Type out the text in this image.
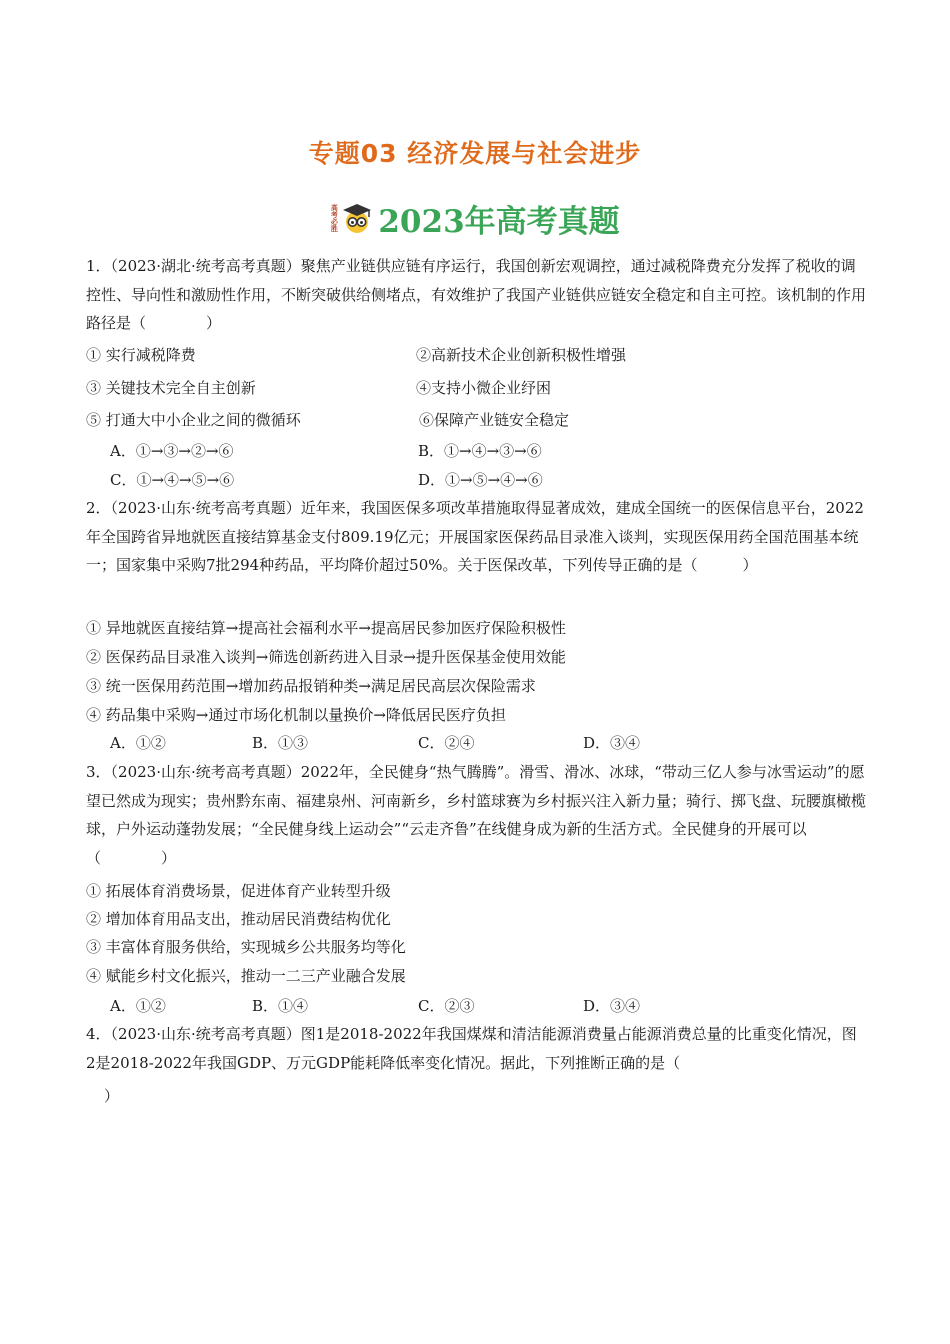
专题03 经济发展与社会进步
高考必胜 2023年高考真题
1．（2023·湖北·统考高考真题）聚焦产业链供应链有序运行，我国创新宏观调控，通过减税降费充分发挥了税收的调控性、导向性和激励性作用，不断突破供给侧堵点，有效维护了我国产业链供应链安全稳定和自主可控。该机制的作用路径是（　　　　）
① 实行减税降费	②高新技术企业创新积极性增强
③ 关键技术完全自主创新	④支持小微企业纾困
⑤ 打通大中小企业之间的微循环	⑥保障产业链安全稳定
A．①→③→②→⑥	B．①→④→③→⑥
C．①→④→⑤→⑥	D．①→⑤→④→⑥
2．（2023·山东·统考高考真题）近年来，我国医保多项改革措施取得显著成效，建成全国统一的医保信息平台，2022年全国跨省异地就医直接结算基金支付809.19亿元；开展国家医保药品目录准入谈判，实现医保用药全国范围基本统一；国家集中采购7批294种药品，平均降价超过50%。关于医保改革，下列传导正确的是（　　　）
① 异地就医直接结算→提高社会福利水平→提高居民参加医疗保险积极性
② 医保药品目录准入谈判→筛选创新药进入目录→提升医保基金使用效能
③ 统一医保用药范围→增加药品报销种类→满足居民高层次保险需求
④ 药品集中采购→通过市场化机制以量换价→降低居民医疗负担
A．①②	B．①③	C．②④	D．③④
3．（2023·山东·统考高考真题）2022年，全民健身“热气腾腾”。滑雪、滑冰、冰球，“带动三亿人参与冰雪运动”的愿望已然成为现实；贵州黔东南、福建泉州、河南新乡，乡村篮球赛为乡村振兴注入新力量；骑行、掷飞盘、玩腰旗橄榄球，户外运动蓬勃发展；“全民健身线上运动会”“云走齐鲁”在线健身成为新的生活方式。全民健身的开展可以（　　　　）
① 拓展体育消费场景，促进体育产业转型升级
② 增加体育用品支出，推动居民消费结构优化
③ 丰富体育服务供给，实现城乡公共服务均等化
④ 赋能乡村文化振兴，推动一二三产业融合发展
A．①②	B．①④	C．②③	D．③④
4．（2023·山东·统考高考真题）图1是2018-2022年我国煤煤和清洁能源消费量占能源消费总量的比重变化情况，图2是2018-2022年我国GDP、万元GDP能耗降低率变化情况。据此，下列推断正确的是（
）
